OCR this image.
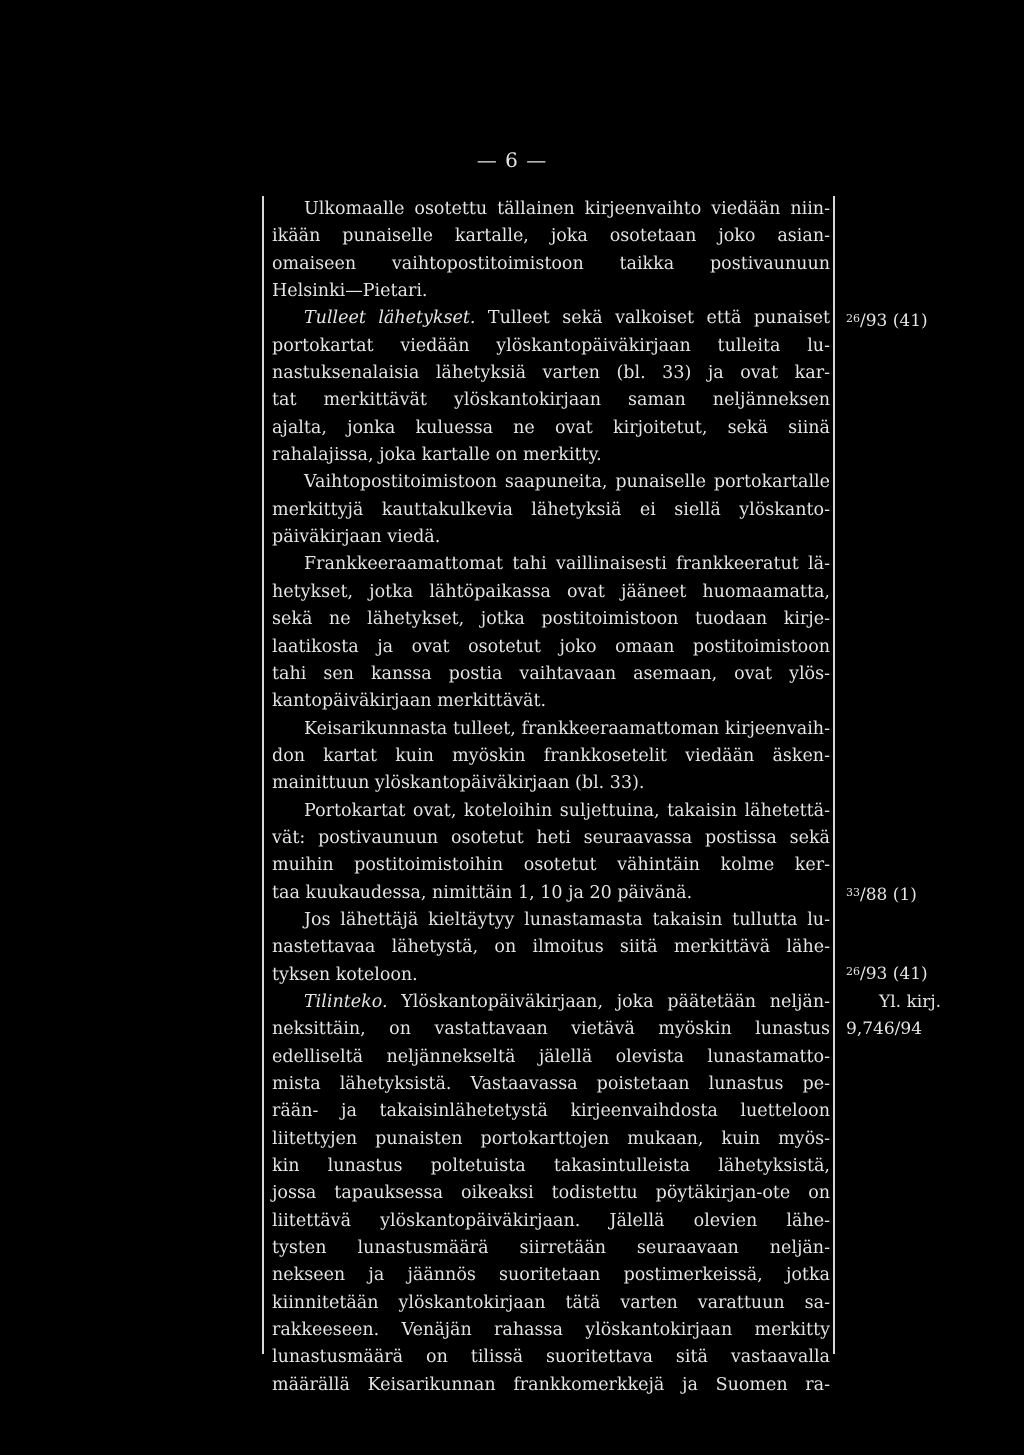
— 6 —
Ulkomaalle osotettu tällainen kirjeenvaihto viedään niin-
ikään punaiselle kartalle, joka osotetaan joko asian-
omaiseen vaihtopostitoimistoon taikka postivaunuun
Helsinki—Pietari.
Tulleet lähetykset. Tulleet sekä valkoiset että punaiset
portokartat viedään ylöskantopäiväkirjaan tulleita lu-
nastuksenalaisia lähetyksiä varten (bl. 33) ja ovat kar-
tat merkittävät ylöskantokirjaan saman neljänneksen
ajalta, jonka kuluessa ne ovat kirjoitetut, sekä siinä
rahalajissa, joka kartalle on merkitty.
Vaihtopostitoimistoon saapuneita, punaiselle portokartalle
merkittyjä kauttakulkevia lähetyksiä ei siellä ylöskanto-
päiväkirjaan viedä.
Frankkeeraamattomat tahi vaillinaisesti frankkeeratut lä-
hetykset, jotka lähtöpaikassa ovat jääneet huomaamatta,
sekä ne lähetykset, jotka postitoimistoon tuodaan kirje-
laatikosta ja ovat osotetut joko omaan postitoimistoon
tahi sen kanssa postia vaihtavaan asemaan, ovat ylös-
kantopäiväkirjaan merkittävät.
Keisarikunnasta tulleet, frankkeeraamattoman kirjeenvaih-
don kartat kuin myöskin frankkosetelit viedään äsken-
mainittuun ylöskantopäiväkirjaan (bl. 33).
Portokartat ovat, koteloihin suljettuina, takaisin lähetettä-
vät: postivaunuun osotetut heti seuraavassa postissa sekä
muihin postitoimistoihin osotetut vähintäin kolme ker-
taa kuukaudessa, nimittäin 1, 10 ja 20 päivänä.
Jos lähettäjä kieltäytyy lunastamasta takaisin tullutta lu-
nastettavaa lähetystä, on ilmoitus siitä merkittävä lähe-
tyksen koteloon.
Tilinteko. Ylöskantopäiväkirjaan, joka päätetään neljän-
neksittäin, on vastattavaan vietävä myöskin lunastus
edelliseltä neljännekseltä jälellä olevista lunastamatto-
mista lähetyksistä. Vastaavassa poistetaan lunastus pe-
rään- ja takaisinlähetetystä kirjeenvaihdosta luetteloon
liitettyjen punaisten portokarttojen mukaan, kuin myös-
kin lunastus poltetuista takasintulleista lähetyksistä,
jossa tapauksessa oikeaksi todistettu pöytäkirjan-ote on
liitettävä ylöskantopäiväkirjaan. Jälellä olevien lähe-
tysten lunastusmäärä siirretään seuraavaan neljän-
nekseen ja jäännös suoritetaan postimerkeissä, jotka
kiinnitetään ylöskantokirjaan tätä varten varattuun sa-
rakkeeseen. Venäjän rahassa ylöskantokirjaan merkitty
lunastusmäärä on tilissä suoritettava sitä vastaavalla
määrällä Keisarikunnan frankkomerkkejä ja Suomen ra-
$^{26}$/93 (41)
$^{33}$/88 (1)
$^{26}$/93 (41)
Yl. kirj.
9,746/94
